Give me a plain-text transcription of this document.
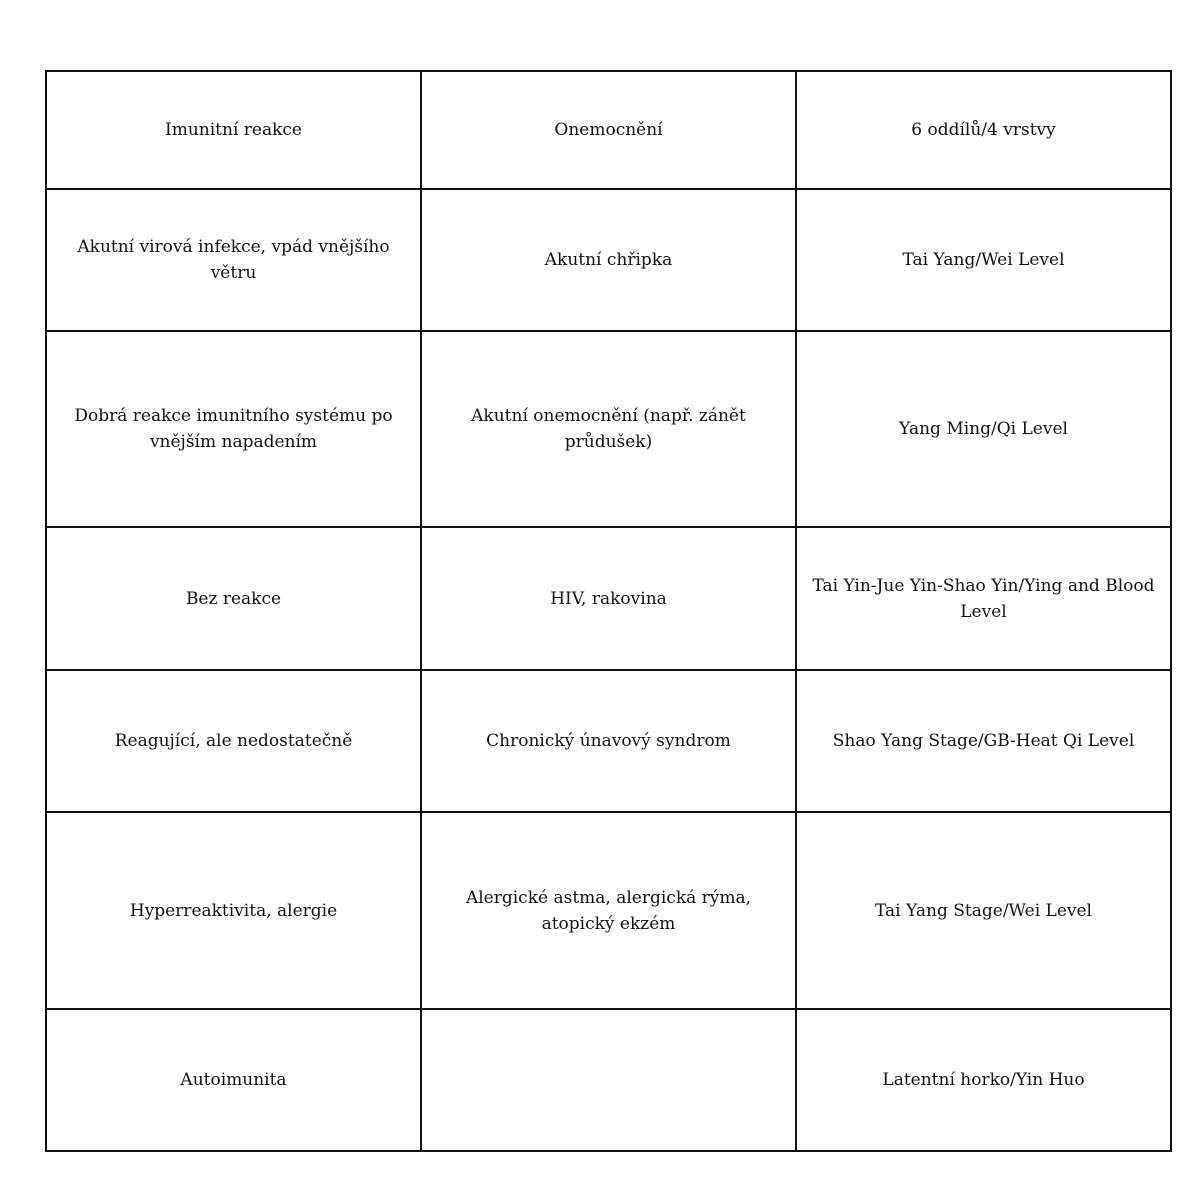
Imunitní reakce	Onemocnění	6 oddílů/4 vrstvy
Akutní virová infekce, vpád vnějšího větru	Akutní chřipka	Tai Yang/Wei Level
Dobrá reakce imunitního systému po vnějším napadením	Akutní onemocnění (např. zánět průdušek)	Yang Ming/Qi Level
Bez reakce	HIV, rakovina	Tai Yin-Jue Yin-Shao Yin/Ying and Blood Level
Reagující, ale nedostatečně	Chronický únavový syndrom	Shao Yang Stage/GB-Heat Qi Level
Hyperreaktivita, alergie	Alergické astma, alergická rýma, atopický ekzém	Tai Yang Stage/Wei Level
Autoimunita		Latentní horko/Yin Huo
